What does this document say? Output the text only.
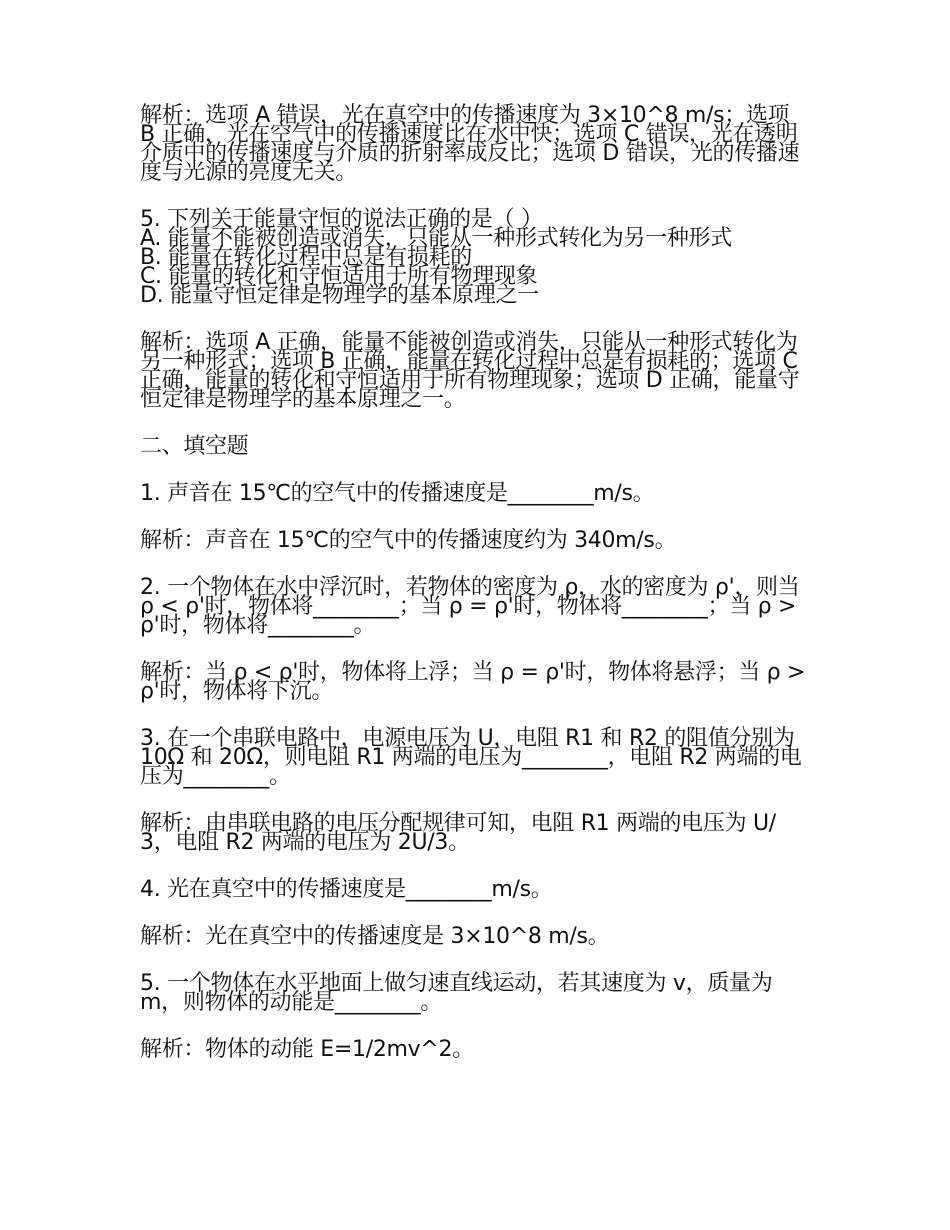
解析：选项 A 错误，光在真空中的传播速度为 3×10^8 m/s；选项 B 正确，光在空气中的传播速度比在水中快；选项 C 错误，光在透明介质中的传播速度与介质的折射率成反比；选项 D 错误，光的传播速度与光源的亮度无关。

5. 下列关于能量守恒的说法正确的是（ ）

A. 能量不能被创造或消失，只能从一种形式转化为另一种形式

B. 能量在转化过程中总是有损耗的

C. 能量的转化和守恒适用于所有物理现象

D. 能量守恒定律是物理学的基本原理之一

解析：选项 A 正确，能量不能被创造或消失，只能从一种形式转化为另一种形式；选项 B 正确，能量在转化过程中总是有损耗的；选项 C 正确，能量的转化和守恒适用于所有物理现象；选项 D 正确，能量守恒定律是物理学的基本原理之一。

二、填空题

1. 声音在 15℃的空气中的传播速度是________m/s。

解析：声音在 15℃的空气中的传播速度约为 340m/s。

2. 一个物体在水中浮沉时，若物体的密度为 ρ，水的密度为 ρ'，则当 ρ < ρ'时，物体将________；当 ρ = ρ'时，物体将________；当 ρ > ρ'时，物体将________。

解析：当 ρ < ρ'时，物体将上浮；当 ρ = ρ'时，物体将悬浮；当 ρ > ρ'时，物体将下沉。

3. 在一个串联电路中，电源电压为 U，电阻 R1 和 R2 的阻值分别为 10Ω 和 20Ω，则电阻 R1 两端的电压为________，电阻 R2 两端的电压为________。

解析：由串联电路的电压分配规律可知，电阻 R1 两端的电压为 U/3，电阻 R2 两端的电压为 2U/3。

4. 光在真空中的传播速度是________m/s。

解析：光在真空中的传播速度是 3×10^8 m/s。

5. 一个物体在水平地面上做匀速直线运动，若其速度为 v，质量为 m，则物体的动能是________。

解析：物体的动能 E=1/2mv^2。
